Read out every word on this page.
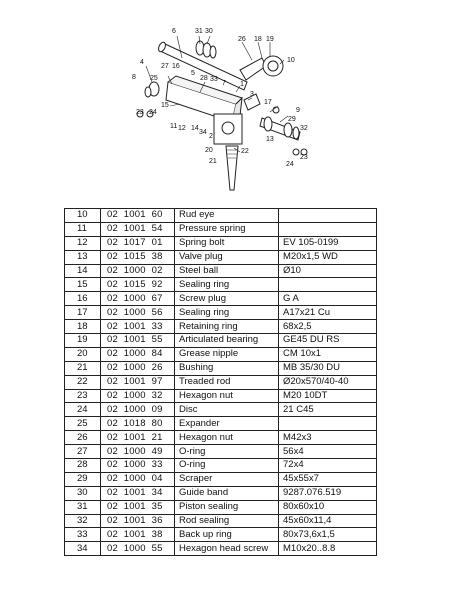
6	31 30
26 18 19
10
4
27 16
5
28 33
7 1
3
8 25
15
11 12 14
34
2
20
21
22
17
9
29
24
23
32
13
23 24
10	02 1001 60	Rud eye	
11	02 1001 54	Pressure spring	
12	02 1017 01	Spring bolt	EV 105-0199
13	02 1015 38	Valve plug	M20x1,5 WD
14	02 1000 02	Steel ball	Ø10
15	02 1015 92	Sealing ring	
16	02 1000 67	Screw plug	G A
17	02 1000 56	Sealing ring	A17x21 Cu
18	02 1001 33	Retaining ring	68x2,5
19	02 1001 55	Articulated bearing	GE45 DU RS
20	02 1000 84	Grease nipple	CM 10x1
21	02 1000 26	Bushing	MB 35/30 DU
22	02 1001 97	Treaded rod	Ø20x570/40-40
23	02 1000 32	Hexagon nut	M20 10DT
24	02 1000 09	Disc	21 C45
25	02 1018 80	Expander	
26	02 1001 21	Hexagon nut	M42x3
27	02 1000 49	O-ring	56x4
28	02 1000 33	O-ring	72x4
29	02 1000 04	Scraper	45x55x7
30	02 1001 34	Guide band	9287.076.519
31	02 1001 35	Piston sealing	80x60x10
32	02 1001 36	Rod sealing	45x60x11,4
33	02 1001 38	Back up ring	80x73,6x1,5
34	02 1000 55	Hexagon head screw	M10x20..8.8
